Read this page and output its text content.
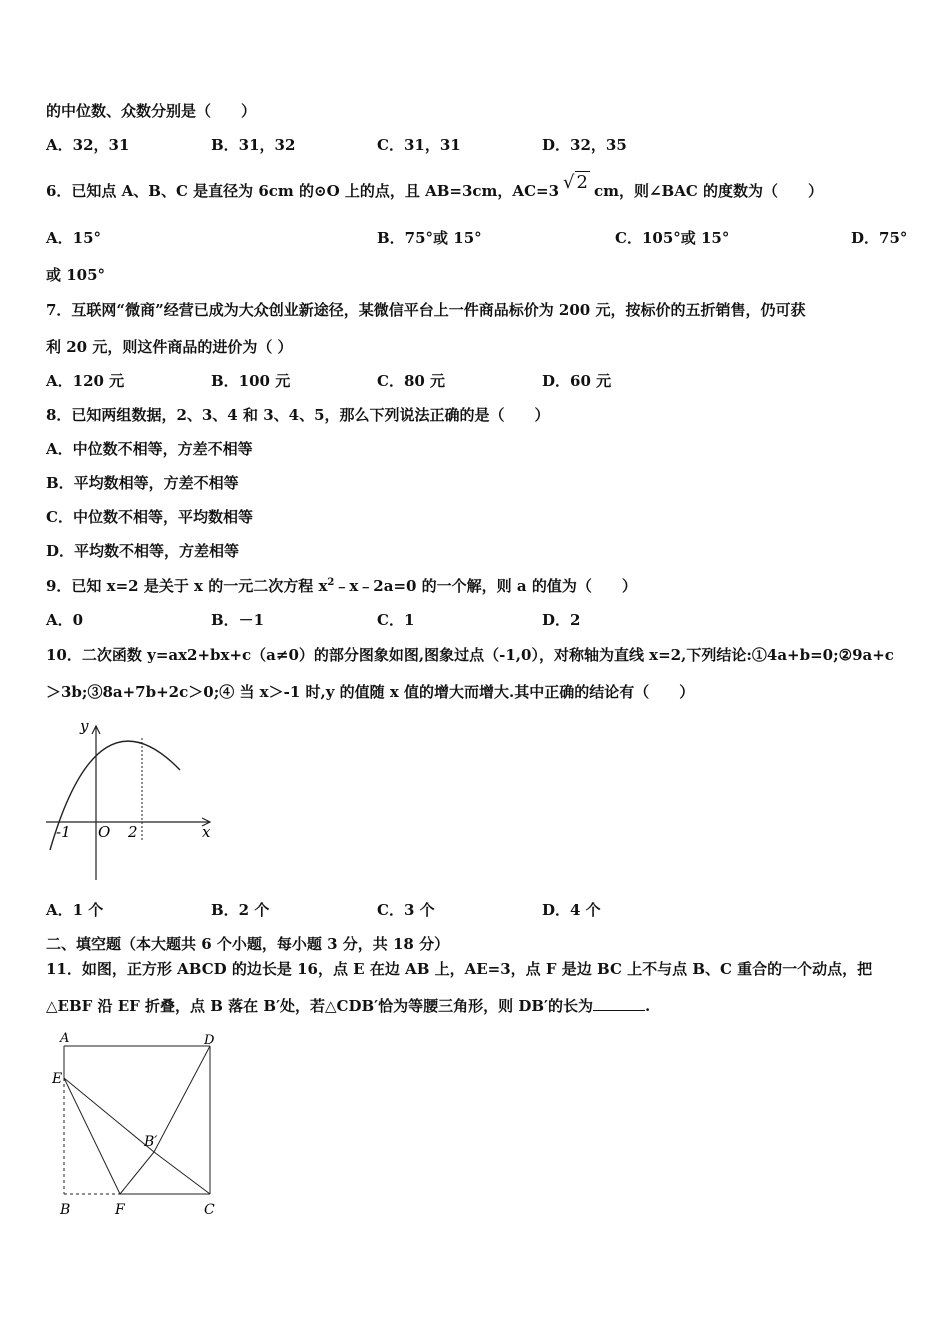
的中位数、众数分别是（　　）
A．32，31	B．31，32	C．31，31	D．32，35
6．已知点 A、B、C 是直径为 6cm 的⊙O 上的点，且 AB=3cm，AC=3 √ 2 cm，则∠BAC 的度数为（　　）
A．15°	B．75°或 15°	C．105°或 15°	D．75°
或 105°
7．互联网“微商”经营已成为大众创业新途径，某微信平台上一件商品标价为 200 元，按标价的五折销售，仍可获
利 20 元，则这件商品的进价为（ ）
A．120 元	B．100 元	C．80 元	D．60 元
8．已知两组数据，2、3、4 和 3、4、5，那么下列说法正确的是（　　）
A．中位数不相等，方差不相等
B．平均数相等，方差不相等
C．中位数不相等，平均数相等
D．平均数不相等，方差相等
9．已知 x=2 是关于 x 的一元二次方程 $x^2﹣x﹣2a=0$ 的一个解，则 a 的值为（　　）
A．0	B．－1	C．1	D．2
10．二次函数 y=ax2+bx+c（a≠0）的部分图象如图,图象过点（-1,0），对称轴为直线 x=2,下列结论:①4a+b=0;②9a+c
＞3b;③8a+7b+2c＞0;④ 当 x＞-1 时,y 的值随 x 值的增大而增大.其中正确的结论有（　　）
y
x
O
-1	2
A．1 个	B．2 个	C．3 个	D．4 个
二、填空题（本大题共 6 个小题，每小题 3 分，共 18 分）
11．如图，正方形 ABCD 的边长是 16，点 E 在边 AB 上，AE=3，点 F 是边 BC 上不与点 B、C 重合的一个动点，把
△EBF 沿 EF 折叠，点 B 落在 B′处，若△CDB′恰为等腰三角形，则 DB′的长为	.
A	D
E
B′
B	F	C
